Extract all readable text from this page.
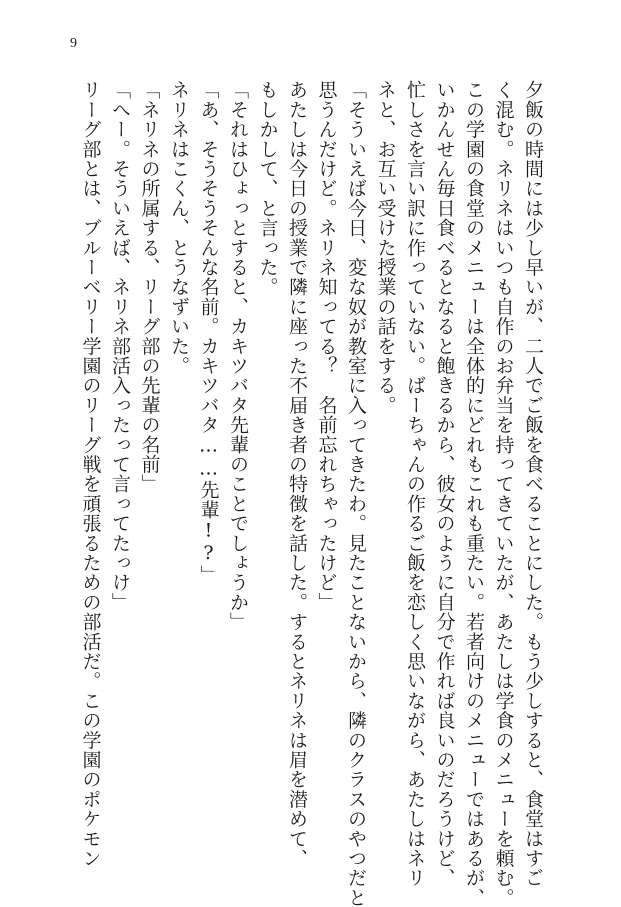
9

夕飯の時間には少し早いが、二人でご飯を食べることにした。もう少しすると、食堂はすご

く混む。ネリネはいつも自作のお弁当を持ってきていたが、あたしは学食のメニューを頼む。

この学園の食堂のメニューは全体的にどれもこれも重たい。若者向けのメニューではあるが、

いかんせん毎日食べるとなると飽きるから、彼女のように自分で作れば良いのだろうけど、

忙しさを言い訳に作っていない。ばーちゃんの作るご飯を恋しく思いながら、あたしはネリ

ネと、お互い受けた授業の話をする。

「そういえば今日、変な奴が教室に入ってきたわ。見たことないから、隣のクラスのやつだと

思うんだけど。ネリネ知ってる？　名前忘れちゃったけど」

あたしは今日の授業で隣に座った不届き者の特徴を話した。するとネリネは眉を潜めて、

もしかして、と言った。

「それはひょっとすると、カキツバタ先輩のことでしょうか」

「あ、そうそうそんな名前。カキツバタ……先輩!?」

ネリネはこくん、とうなずいた。

「ネリネの所属する、リーグ部の先輩の名前」

「へー。そういえば、ネリネ部活入ったって言ってたっけ」

リーグ部とは、ブルーベリー学園のリーグ戦を頑張るための部活だ。この学園のポケモン
